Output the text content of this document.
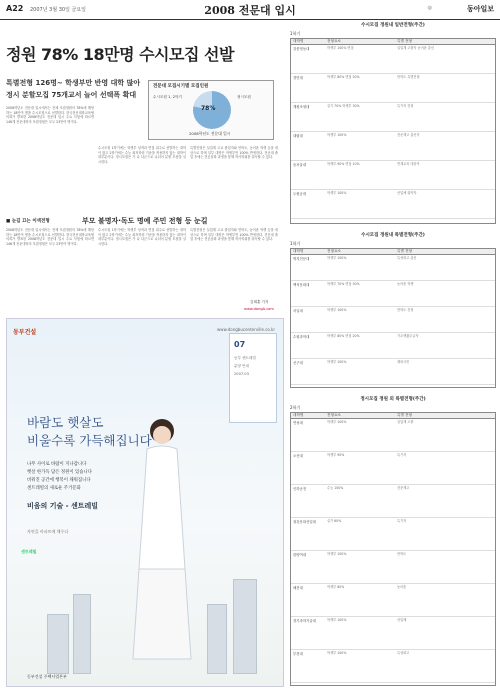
A22 2007년 3월 30일 금요일	2008 전문대 입시	◎	동아일보
정원 78% 18만명 수시모집 선발
특별전형 126명~ 학생부만 반영 대학 많아
정시 분할모집 75개교서 늘어 선택폭 확대
2008학년도 전문대 입시에서는 전체 모집정원의 78%에 해당하는 18만여 명을 수시모집으로 선발한다. 한국전문대학교육협의회가 발표한 2008학년도 전문대 입시 주요 사항에 따르면 146개 전문대학의 모집정원은 모두 23만여 명이다.
수시모집 1학기에는 학생부 성적과 면접 위주로 선발하는 대학이 많고 2학기에는 수능 최저학력 기준을 적용하지 않는 대학이 대부분이다. 정시모집은 가 나 다군으로 나뉘어 분할 모집을 실시한다.
특별전형은 실업계 고교 졸업자와 만학도, 농어촌 학생 등을 대상으로 하며 일부 대학은 학생부만 100% 반영한다. 전문대 졸업 후에는 전공심화 과정을 통해 학사학위를 취득할 수 있다.
전문대 모집시기별 모집인원
78%
수시모집 1, 2학기	정시모집
2008학년도 전문대 입시
■ 눈길 끄는 이색전형	부모 불명자·독도 명예 주민 전형 등 눈길
2008학년도 전문대 입시에서는 전체 모집정원의 78%에 해당하는 18만여 명을 수시모집으로 선발한다. 한국전문대학교육협의회가 발표한 2008학년도 전문대 입시 주요 사항에 따르면 146개 전문대학의 모집정원은 모두 23만여 명이다.
수시모집 1학기에는 학생부 성적과 면접 위주로 선발하는 대학이 많고 2학기에는 수능 최저학력 기준을 적용하지 않는 대학이 대부분이다. 정시모집은 가 나 다군으로 나뉘어 분할 모집을 실시한다.
특별전형은 실업계 고교 졸업자와 만학도, 농어촌 학생 등을 대상으로 하며 일부 대학은 학생부만 100% 반영한다. 전문대 졸업 후에는 전공심화 과정을 통해 학사학위를 취득할 수 있다.
김태훈 기자
www.dongA.com
동부건설	www.dongbucenterville.co.kr
07
동부 센트레빌
분양 안내
2007.03
바람도 햇살도
비울수록 가득해집니다
나무 사이로 바람이 지나갑니다
햇살 한가득 담은 정원이 있습니다
비워진 공간에 행복이 채워집니다
센트레빌의 새로운 주거문화
비움의 기술 - 센트레빌
자연을 아파트에 채우다
센트레빌
동부건설 주택사업본부
수시모집 정원내 일반전형(주간)
1학기
대학명	전형요소	특별 전형
강릉영동대	학생부 100% 면접	실업계 고졸자 농어촌 출신
경민대	학생부 80% 면접 20%	만학도 특별전형
계원조형대	실기 70% 학생부 30%	특기자 전형
대림대	학생부 100%	전문계고 출신자
동서울대	학생부 90% 면접 10%	연계교육 대상자
두원공대	학생부 100%	산업체 위탁자
수시모집 정원내 특별전형(주간)
1학기
대학명	전형요소	특별 전형
명지전문대	학생부 100%	특성화고 출신
백석문화대	학생부 70% 면접 30%	농어촌 학생
서일대	학생부 100%	만학도 전형
수원과학대	학생부 80% 면접 20%	기초생활수급자
신구대	학생부 100%	재외국민
정시모집 정원 외 특별전형(주간)
2학기
대학명	전형요소	특별 전형
연성대	학생부 100%	실업계 고졸
오산대	학생부 90%	특기자
인하공전	수능 100%	전문계고
청강문화산업대	실기 60%	특기자
한양여대	학생부 100%	만학도
혜전대	학생부 80%	농어촌
경기과학기술대	학생부 100%	산업체
부천대	학생부 100%	특성화고
